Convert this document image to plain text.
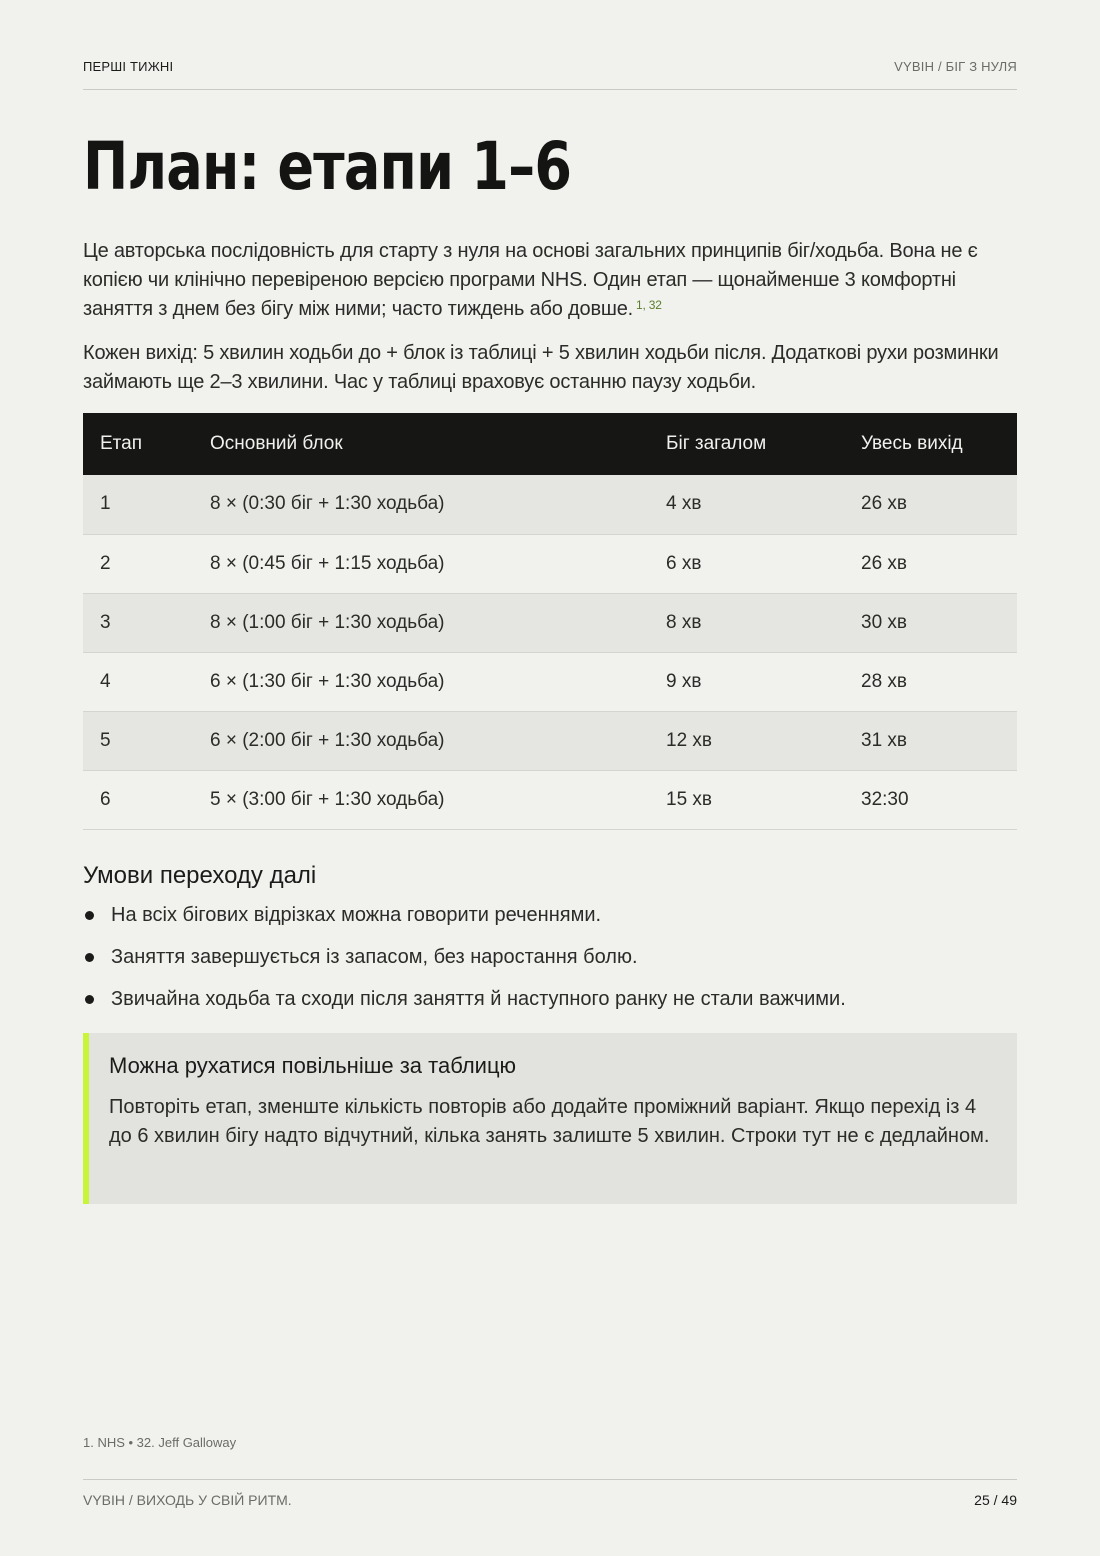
ПЕРШІ ТИЖНІ	VYBIH / БІГ З НУЛЯ
План: етапи 1–6

Це авторська послідовність для старту з нуля на основі загальних принципів біг/ходьба. Вона не є копією чи клінічно перевіреною версією програми NHS. Один етап — щонайменше 3 комфортні заняття з днем без бігу між ними; часто тиждень або довше. $^{1, 32}$

Кожен вихід: 5 хвилин ходьби до + блок із таблиці + 5 хвилин ходьби після. Додаткові рухи розминки займають ще 2–3 хвилини. Час у таблиці враховує останню паузу ходьби.

Етап	Основний блок	Біг загалом	Увесь вихід
1	8 × (0:30 біг + 1:30 ходьба)	4 хв	26 хв
2	8 × (0:45 біг + 1:15 ходьба)	6 хв	26 хв
3	8 × (1:00 біг + 1:30 ходьба)	8 хв	30 хв
4	6 × (1:30 біг + 1:30 ходьба)	9 хв	28 хв
5	6 × (2:00 біг + 1:30 ходьба)	12 хв	31 хв
6	5 × (3:00 біг + 1:30 ходьба)	15 хв	32:30
Умови переходу далі
На всіх бігових відрізках можна говорити реченнями.
Заняття завершується із запасом, без наростання болю.
Звичайна ходьба та сходи після заняття й наступного ранку не стали важчими.
Можна рухатися повільніше за таблицю
Повторіть етап, зменште кількість повторів або додайте проміжний варіант. Якщо перехід із 4 до 6 хвилин бігу надто відчутний, кілька занять залиште 5 хвилин. Строки тут не є дедлайном.
1. NHS • 32. Jeff Galloway
VYBIH / ВИХОДЬ У СВІЙ РИТМ.	25 / 49
